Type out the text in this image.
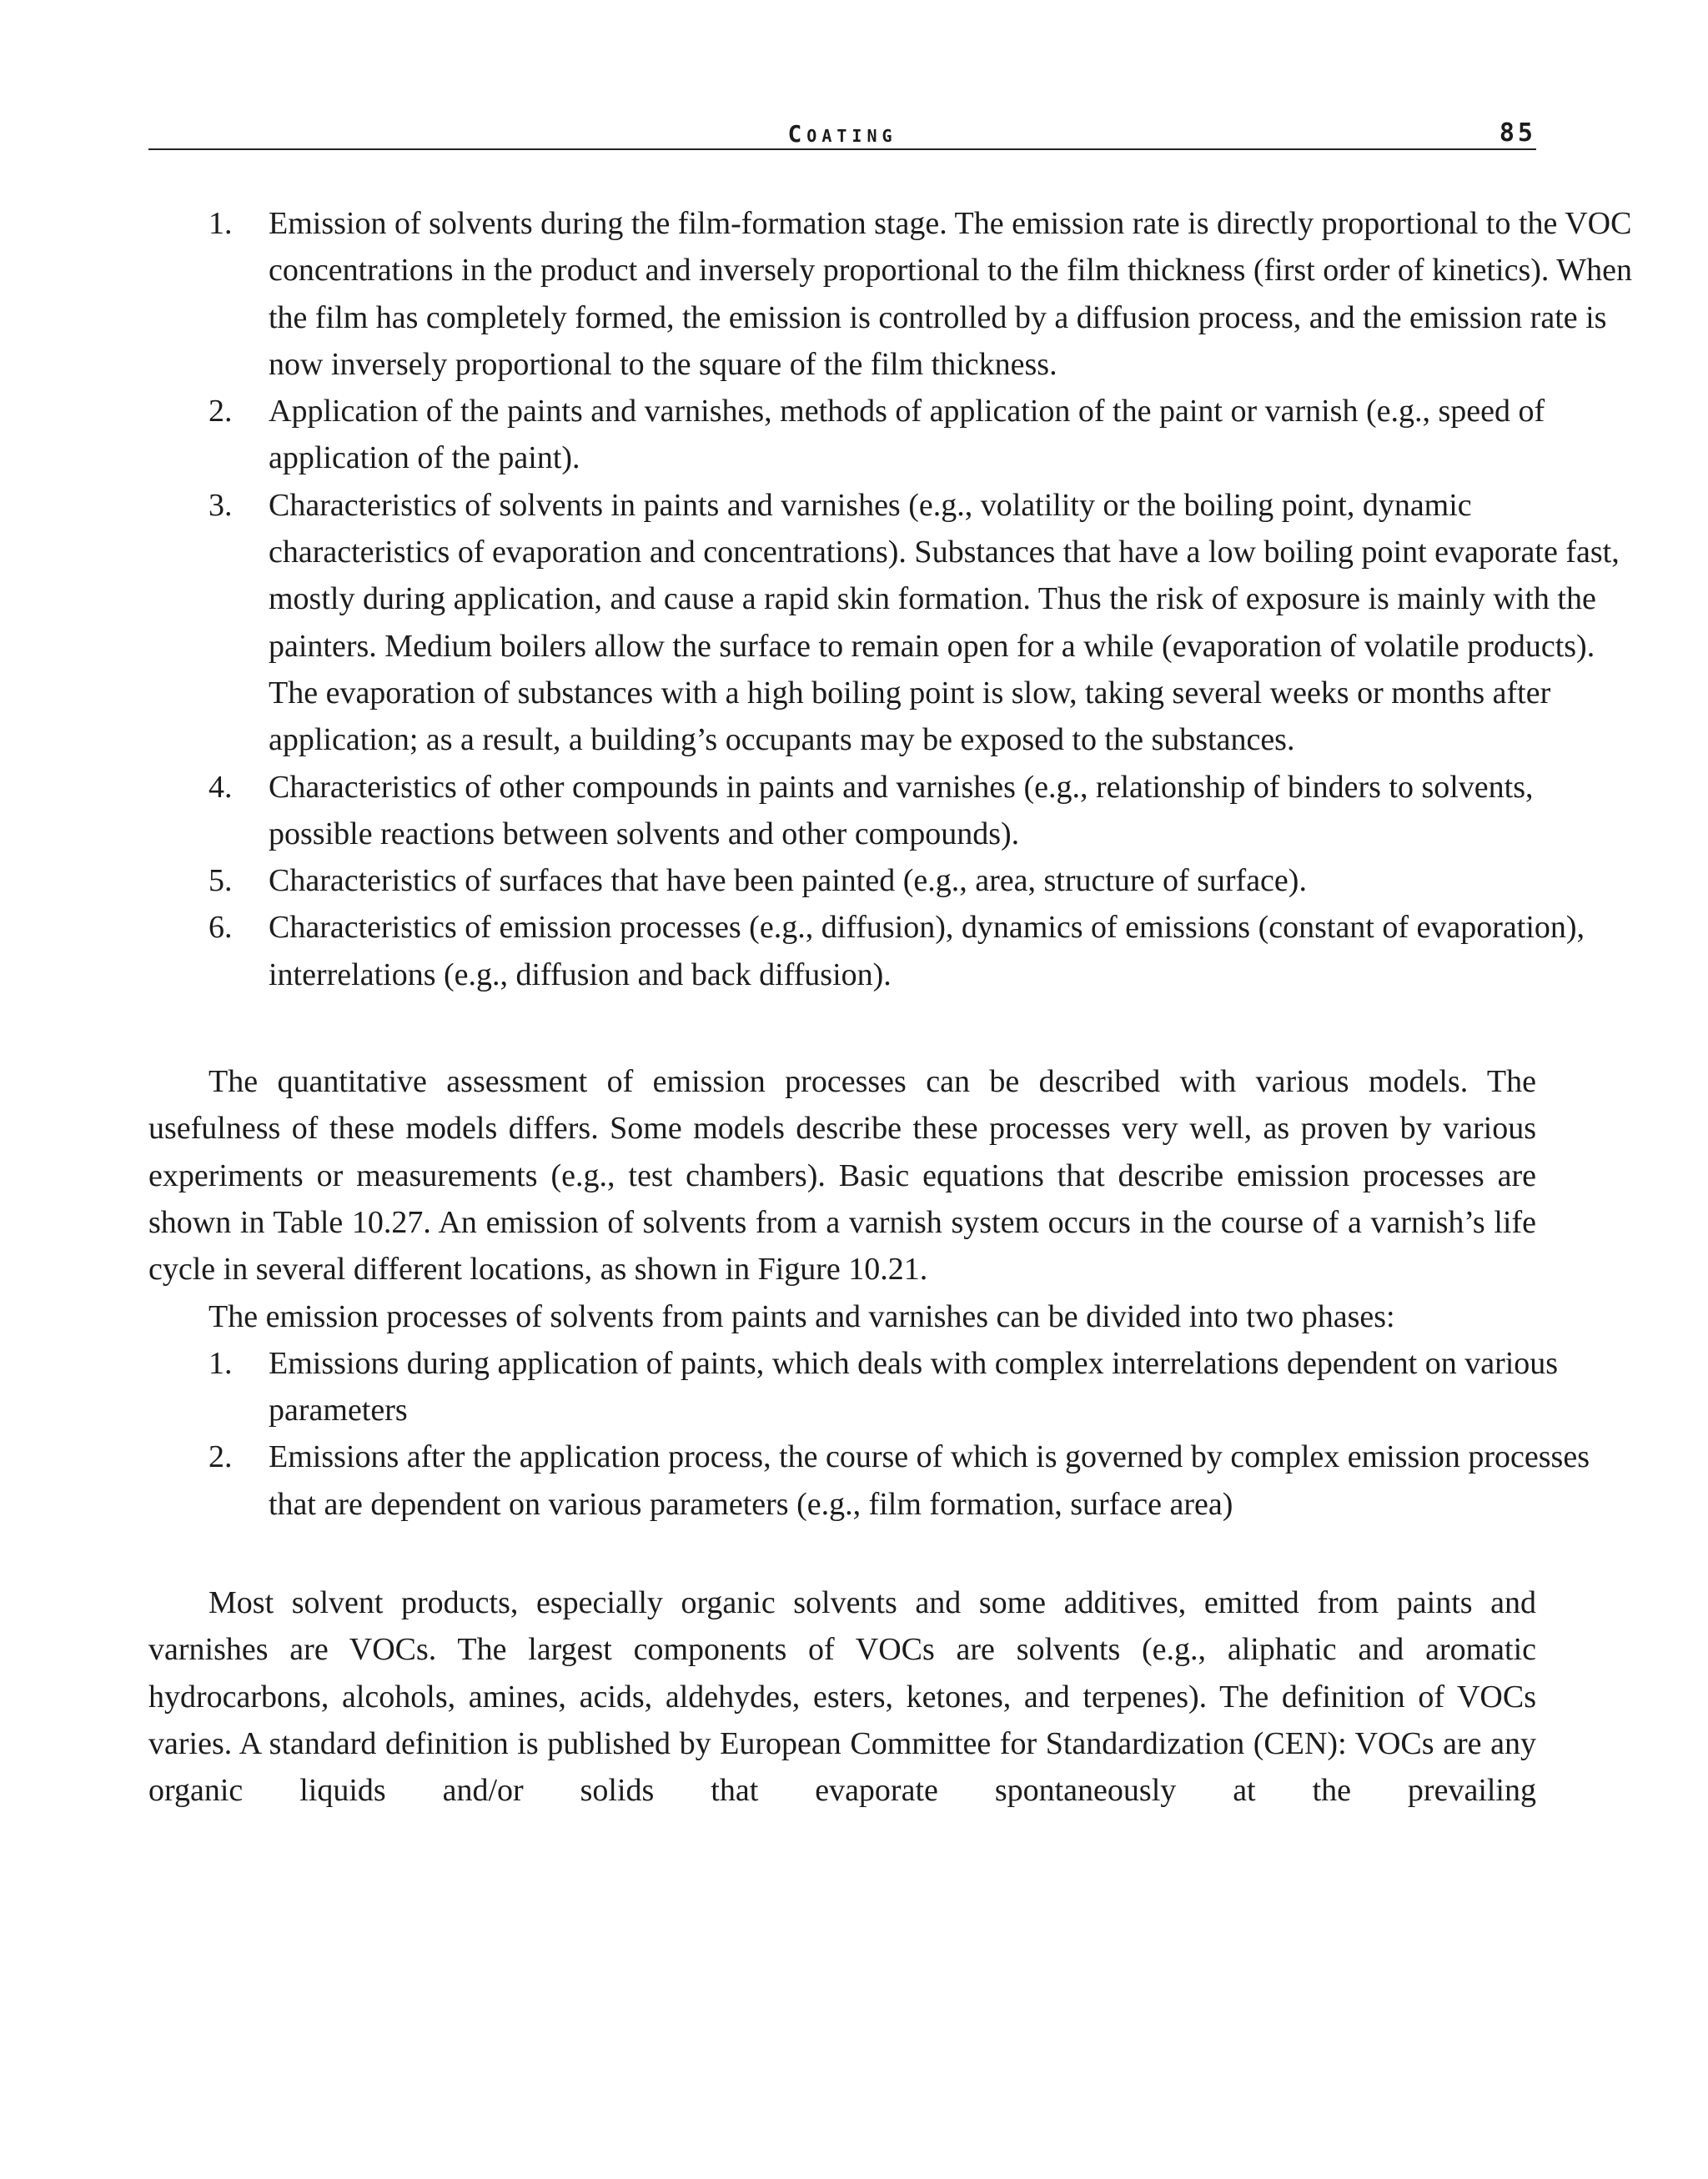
Coating	85
1. Emission of solvents during the film-formation stage. The emission rate is directly proportional to the VOC concentrations in the product and inversely proportional to the film thickness (first order of kinetics). When the film has completely formed, the emission is controlled by a diffusion process, and the emission rate is now inversely proportional to the square of the film thickness.
2. Application of the paints and varnishes, methods of application of the paint or varnish (e.g., speed of application of the paint).
3. Characteristics of solvents in paints and varnishes (e.g., volatility or the boiling point, dynamic characteristics of evaporation and concentrations). Substances that have a low boiling point evaporate fast, mostly during application, and cause a rapid skin formation. Thus the risk of exposure is mainly with the painters. Medium boilers allow the surface to remain open for a while (evaporation of volatile products). The evaporation of substances with a high boiling point is slow, taking several weeks or months after application; as a result, a building’s occupants may be exposed to the substances.
4. Characteristics of other compounds in paints and varnishes (e.g., relationship of binders to solvents, possible reactions between solvents and other compounds).
5. Characteristics of surfaces that have been painted (e.g., area, structure of surface).
6. Characteristics of emission processes (e.g., diffusion), dynamics of emissions (constant of evaporation), interrelations (e.g., diffusion and back diffusion).

The quantitative assessment of emission processes can be described with various models. The usefulness of these models differs. Some models describe these processes very well, as proven by various experiments or measurements (e.g., test chambers). Basic equations that describe emission processes are shown in Table 10.27. An emission of solvents from a varnish system occurs in the course of a varnish’s life cycle in several different locations, as shown in Figure 10.21.

The emission processes of solvents from paints and varnishes can be divided into two phases:

1. Emissions during application of paints, which deals with complex interrelations dependent on various parameters
2. Emissions after the application process, the course of which is governed by complex emission processes that are dependent on various parameters (e.g., film formation, surface area)

Most solvent products, especially organic solvents and some additives, emitted from paints and varnishes are VOCs. The largest components of VOCs are solvents (e.g., aliphatic and aromatic hydrocarbons, alcohols, amines, acids, aldehydes, esters, ketones, and terpenes). The definition of VOCs varies. A standard definition is published by European Committee for Standardization (CEN): VOCs are any organic liquids and/or solids that evaporate spontaneously at the prevailing
